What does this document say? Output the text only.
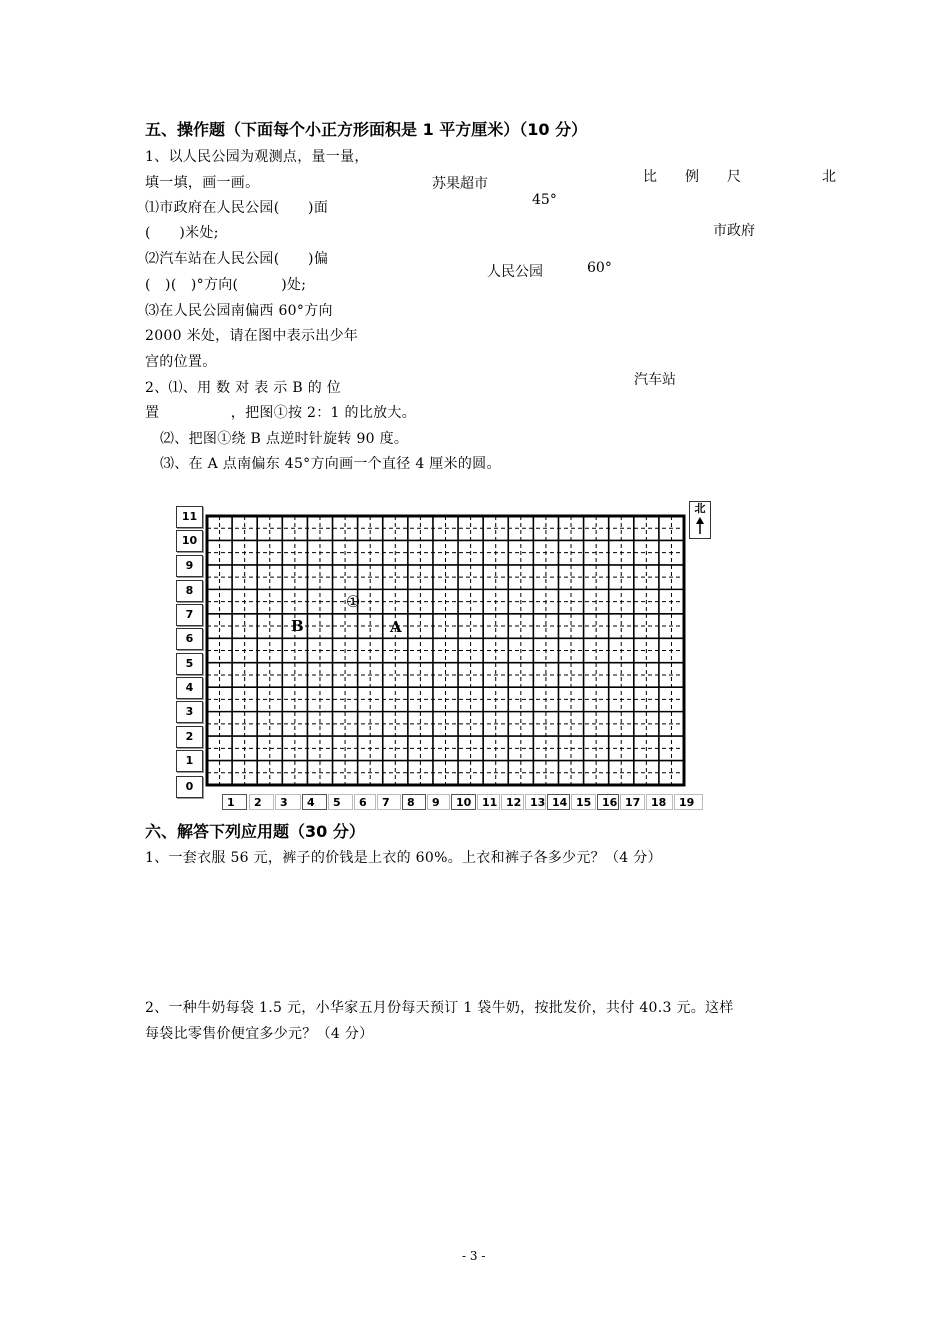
五、操作题（下面每个小正方形面积是 1 平方厘米）（10 分）
1、以人民公园为观测点，量一量，
填一填，画一画。
⑴市政府在人民公园(　　)面
(　　)米处;
⑵汽车站在人民公园(　　)偏
(　)(　)°方向(　　　)处;
⑶在人民公园南偏西 60°方向
2000 米处，请在图中表示出少年
宫的位置。
苏果超市
45°
人民公园	60°
市政府
汽车站
比　　例　　尺	北
2、⑴、用 数 对 表 示 B 的 位
置　　　　　，把图①按 2：1 的比放大。
⑵、把图①绕 B 点逆时针旋转 90 度。
⑶、在 A 点南偏东 45°方向画一个直径 4 厘米的圆。
11
10
9
8
7
6
5
4
3
2
1
0
1	2	3	4	5	6	7	8	9	10 11 12 13 14 15 16 17 18	19
B	A
①
北
六、解答下列应用题（30 分）
1、一套衣服 56 元，裤子的价钱是上衣的 60%。上衣和裤子各多少元？（4 分）
2、一种牛奶每袋 1.5 元，小华家五月份每天预订 1 袋牛奶，按批发价，共付 40.3 元。这样
每袋比零售价便宜多少元？（4 分）
- 3 -
